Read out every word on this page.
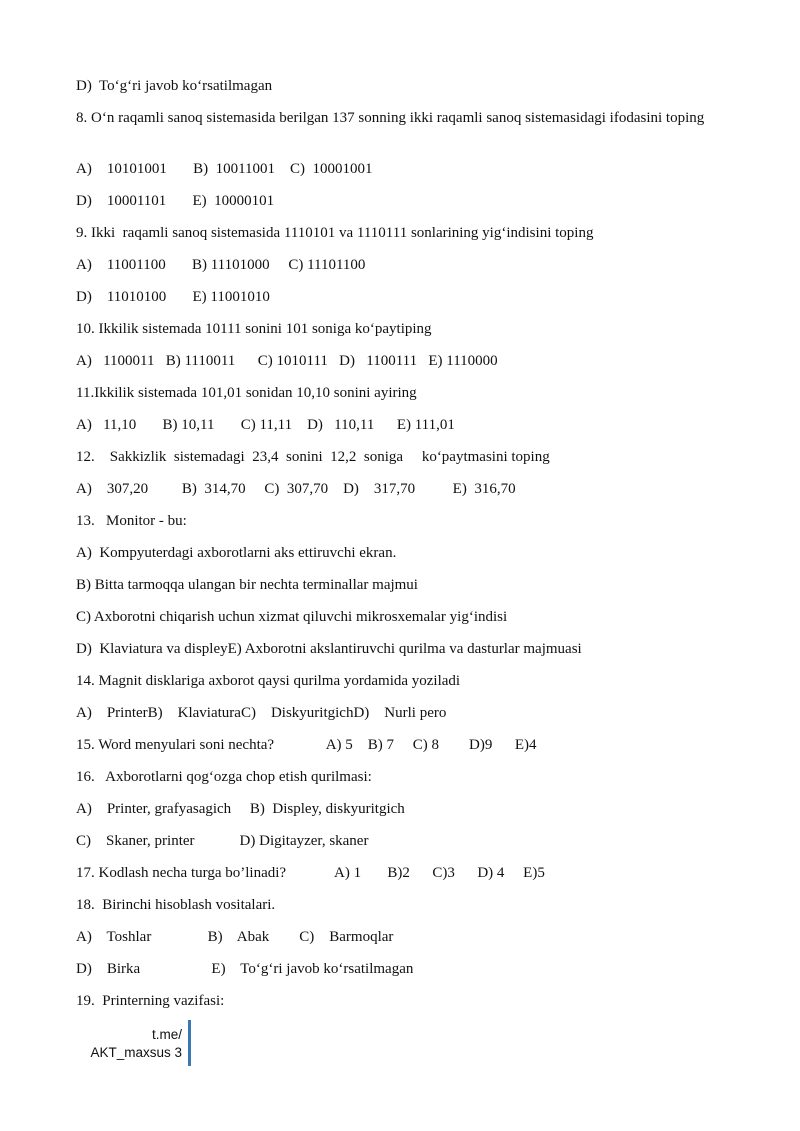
D)  To‘g‘ri javob ko‘rsatilmagan
8. O‘n raqamli sanoq sistemasida berilgan 137 sonning ikki raqamli sanoq sistemasidagi ifodasini toping
A)    10101001       B)  10011001    C)  10001001
D)    10001101       E)  10000101
9. Ikki  raqamli sanoq sistemasida 1110101 va 1110111 sonlarining yig‘indisini toping
A)    11001100       B) 11101000     C) 11101100
D)    11010100       E) 11001010
10. Ikkilik sistemada 10111 sonini 101 soniga ko‘paytiping
A)   1100011   B) 1110011      C) 1010111   D)   1100111   E) 1110000
11.Ikkilik sistemada 101,01 sonidan 10,10 sonini ayiring
A)   11,10       B) 10,11       C) 11,11    D)   110,11      E) 111,01
12.    Sakkizlik  sistemadagi  23,4  sonini  12,2  soniga     ko‘paytmasini toping
A)    307,20         B)  314,70     C)  307,70    D)    317,70          E)  316,70
13.   Monitor - bu:
A)  Kompyuterdagi axborotlarni aks ettiruvchi ekran.
B) Bitta tarmoqqa ulangan bir nechta terminallar majmui
C) Axborotni chiqarish uchun xizmat qiluvchi mikrosxemalar yig‘indisi
D)  Klaviatura va displeyE) Axborotni akslantiruvchi qurilma va dasturlar majmuasi
14. Magnit disklariga axborot qaysi qurilma yordamida yoziladi
A)    PrinterB)    KlaviaturaC)    DiskyuritgichD)    Nurli pero
15. Word menyulari soni nechta?              A) 5    B) 7     C) 8        D)9      E)4
16.   Axborotlarni qog‘ozga chop etish qurilmasi:
A)    Printer, grafyasagich     B)  Displey, diskyuritgich
C)    Skaner, printer            D) Digitayzer, skaner
17. Kodlash necha turga bo’linadi?             A) 1       B)2      C)3      D) 4     E)5
18.  Birinchi hisoblash vositalari.
A)    Toshlar               B)    Abak        C)    Barmoqlar
D)    Birka                   E)    To‘g‘ri javob ko‘rsatilmagan
19.  Printerning vazifasi:
t.me/
AKT_maxsus 3
